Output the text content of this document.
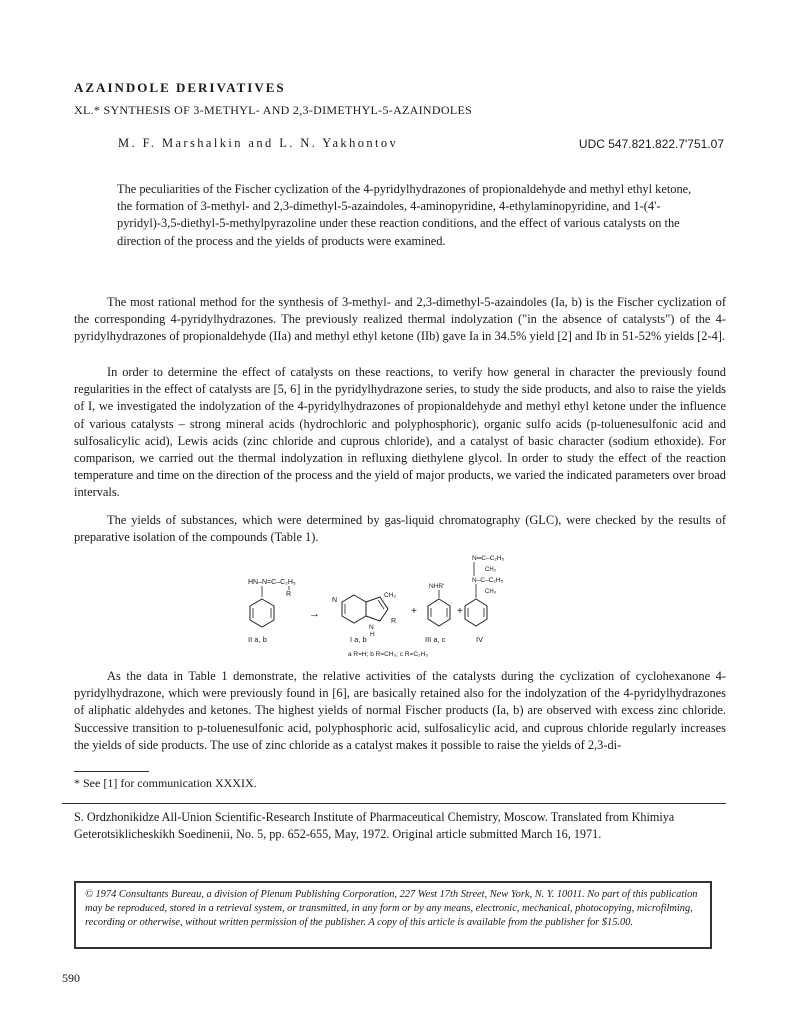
AZAINDOLE DERIVATIVES
XL.* SYNTHESIS OF 3-METHYL- AND 2,3-DIMETHYL-5-AZAINDOLES
M. F. Marshalkin and L. N. Yakhontov	UDC 547.821.822.7'751.07
The peculiarities of the Fischer cyclization of the 4-pyridylhydrazones of propionaldehyde and methyl ethyl ketone, the formation of 3-methyl- and 2,3-dimethyl-5-azaindoles, 4-aminopyridine, 4-ethylaminopyridine, and 1-(4'-pyridyl)-3,5-diethyl-5-methylpyrazoline under these reaction conditions, and the effect of various catalysts on the direction of the process and the yields of products were examined.
The most rational method for the synthesis of 3-methyl- and 2,3-dimethyl-5-azaindoles (Ia, b) is the Fischer cyclization of the corresponding 4-pyridylhydrazones. The previously realized thermal indolyzation ("in the absence of catalysts") of the 4-pyridylhydrazones of propionaldehyde (IIa) and methyl ethyl ketone (IIb) gave Ia in 34.5% yield [2] and Ib in 51-52% yields [2-4].
In order to determine the effect of catalysts on these reactions, to verify how general in character the previously found regularities in the effect of catalysts are [5, 6] in the pyridylhydrazone series, to study the side products, and also to raise the yields of I, we investigated the indolyzation of the 4-pyridylhydrazones of propionaldehyde and methyl ethyl ketone under the influence of various catalysts – strong mineral acids (hydrochloric and polyphosphoric), organic sulfo acids (p-toluenesulfonic acid and sulfosalicylic acid), Lewis acids (zinc chloride and cuprous chloride), and a catalyst of basic character (sodium ethoxide). For comparison, we carried out the thermal indolyzation in refluxing diethylene glycol. In order to study the effect of the reaction temperature and time on the direction of the process and the yield of major products, we varied the indicated parameters over broad intervals.
The yields of substances, which were determined by gas-liquid chromatography (GLC), were checked by the results of preparative isolation of the compounds (Table 1).
HN–N=C–C₂H₅
R
II a, b
→
N
CH₃
R
N
H
I a, b
+
NHR'
III a, c
+
N═C–C₂H₅
CH₂
N–C–C₂H₅
CH₃
IV
a R=H; b R=CH₃; c R=C₂H₅
As the data in Table 1 demonstrate, the relative activities of the catalysts during the cyclization of cyclohexanone 4-pyridylhydrazone, which were previously found in [6], are basically retained also for the indolyzation of the 4-pyridylhydrazones of aliphatic aldehydes and ketones. The highest yields of normal Fischer products (Ia, b) are observed with excess zinc chloride. Successive transition to p-toluenesulfonic acid, polyphosphoric acid, sulfosalicylic acid, and cuprous chloride regularly increases the yields of side products. The use of zinc chloride as a catalyst makes it possible to raise the yields of 2,3-di-
* See [1] for communication XXXIX.
S. Ordzhonikidze All-Union Scientific-Research Institute of Pharmaceutical Chemistry, Moscow. Translated from Khimiya Geterotsiklicheskikh Soedinenii, No. 5, pp. 652-655, May, 1972. Original article submitted March 16, 1971.
© 1974 Consultants Bureau, a division of Plenum Publishing Corporation, 227 West 17th Street, New York, N. Y. 10011. No part of this publication may be reproduced, stored in a retrieval system, or transmitted, in any form or by any means, electronic, mechanical, photocopying, microfilming, recording or otherwise, without written permission of the publisher. A copy of this article is available from the publisher for $15.00.
590
